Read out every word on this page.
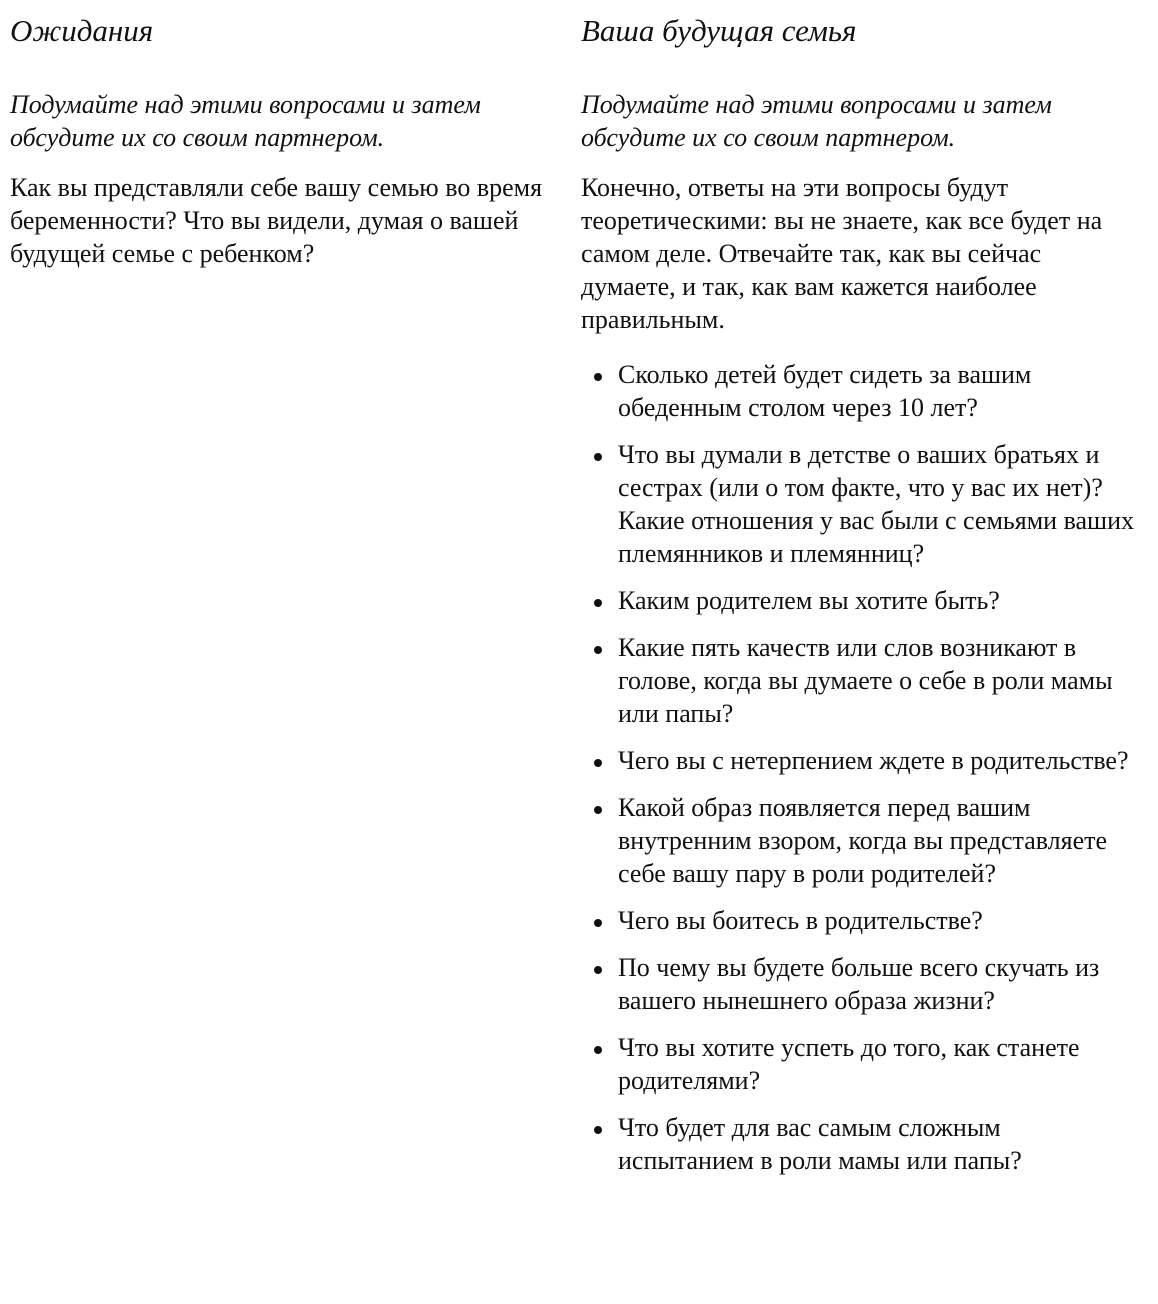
Ожидания

Подумайте над этими вопросами и затем обсудите их со своим партнером.

Как вы представляли себе вашу семью во время беременности? Что вы видели, думая о вашей будущей семье с ребенком?

Ваша будущая семья

Подумайте над этими вопросами и затем обсудите их со своим партнером.

Конечно, ответы на эти вопросы будут теоретическими: вы не знаете, как все будет на самом деле. Отвечайте так, как вы сейчас думаете, и так, как вам кажется наиболее правильным.

Сколько детей будет сидеть за вашим обеденным столом через 10 лет?
Что вы думали в детстве о ваших братьях и сестрах (или о том факте, что у вас их нет)? Какие отношения у вас были с семьями ваших племянников и племянниц?
Каким родителем вы хотите быть?
Какие пять качеств или слов возникают в голове, когда вы думаете о себе в роли мамы или папы?
Чего вы с нетерпением ждете в родительстве?
Какой образ появляется перед вашим внутренним взором, когда вы представляете себе вашу пару в роли родителей?
Чего вы боитесь в родительстве?
По чему вы будете больше всего скучать из вашего нынешнего образа жизни?
Что вы хотите успеть до того, как станете родителями?
Что будет для вас самым сложным испытанием в роли мамы или папы?
